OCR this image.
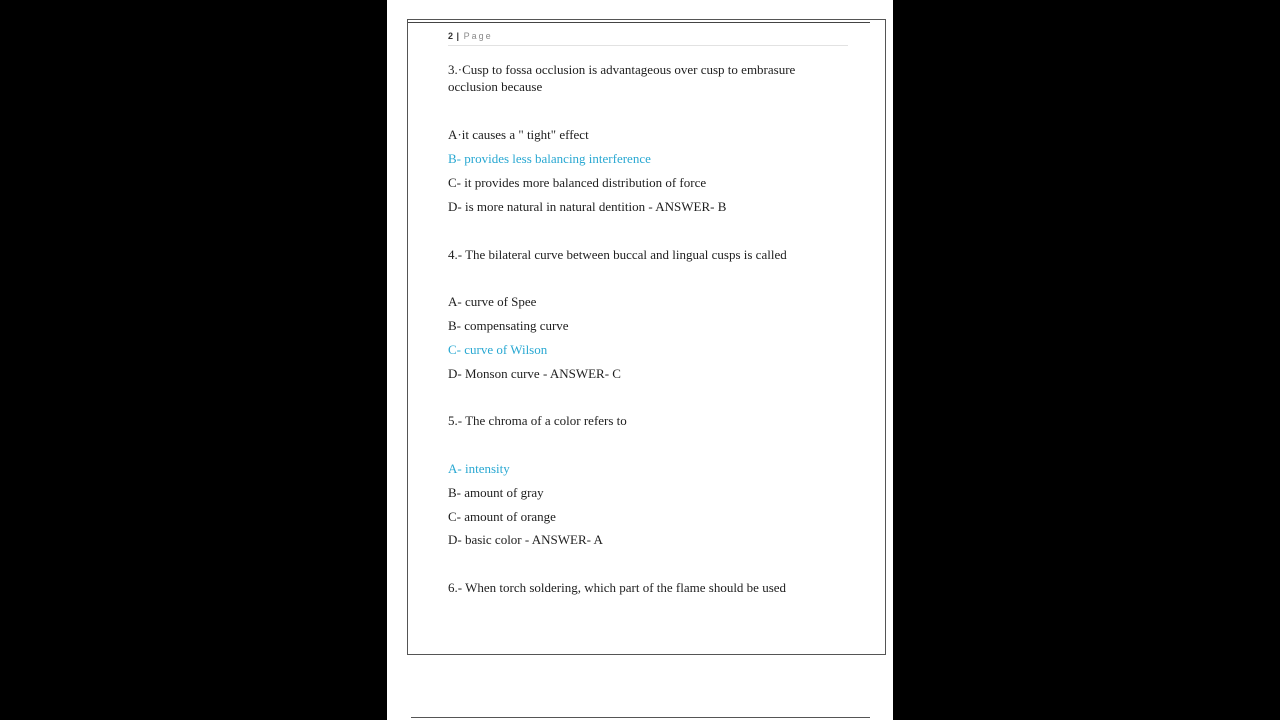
2 | Page
3.·Cusp to fossa occlusion is advantageous over cusp to embrasure
occlusion because
A·it causes a " tight" effect
B- provides less balancing interference
C- it provides more balanced distribution of force
D- is more natural in natural dentition - ANSWER- B
4.- The bilateral curve between buccal and lingual cusps is called
A- curve of Spee
B- compensating curve
C- curve of Wilson
D- Monson curve - ANSWER- C
5.- The chroma of a color refers to
A- intensity
B- amount of gray
C- amount of orange
D- basic color - ANSWER- A
6.- When torch soldering, which part of the flame should be used
